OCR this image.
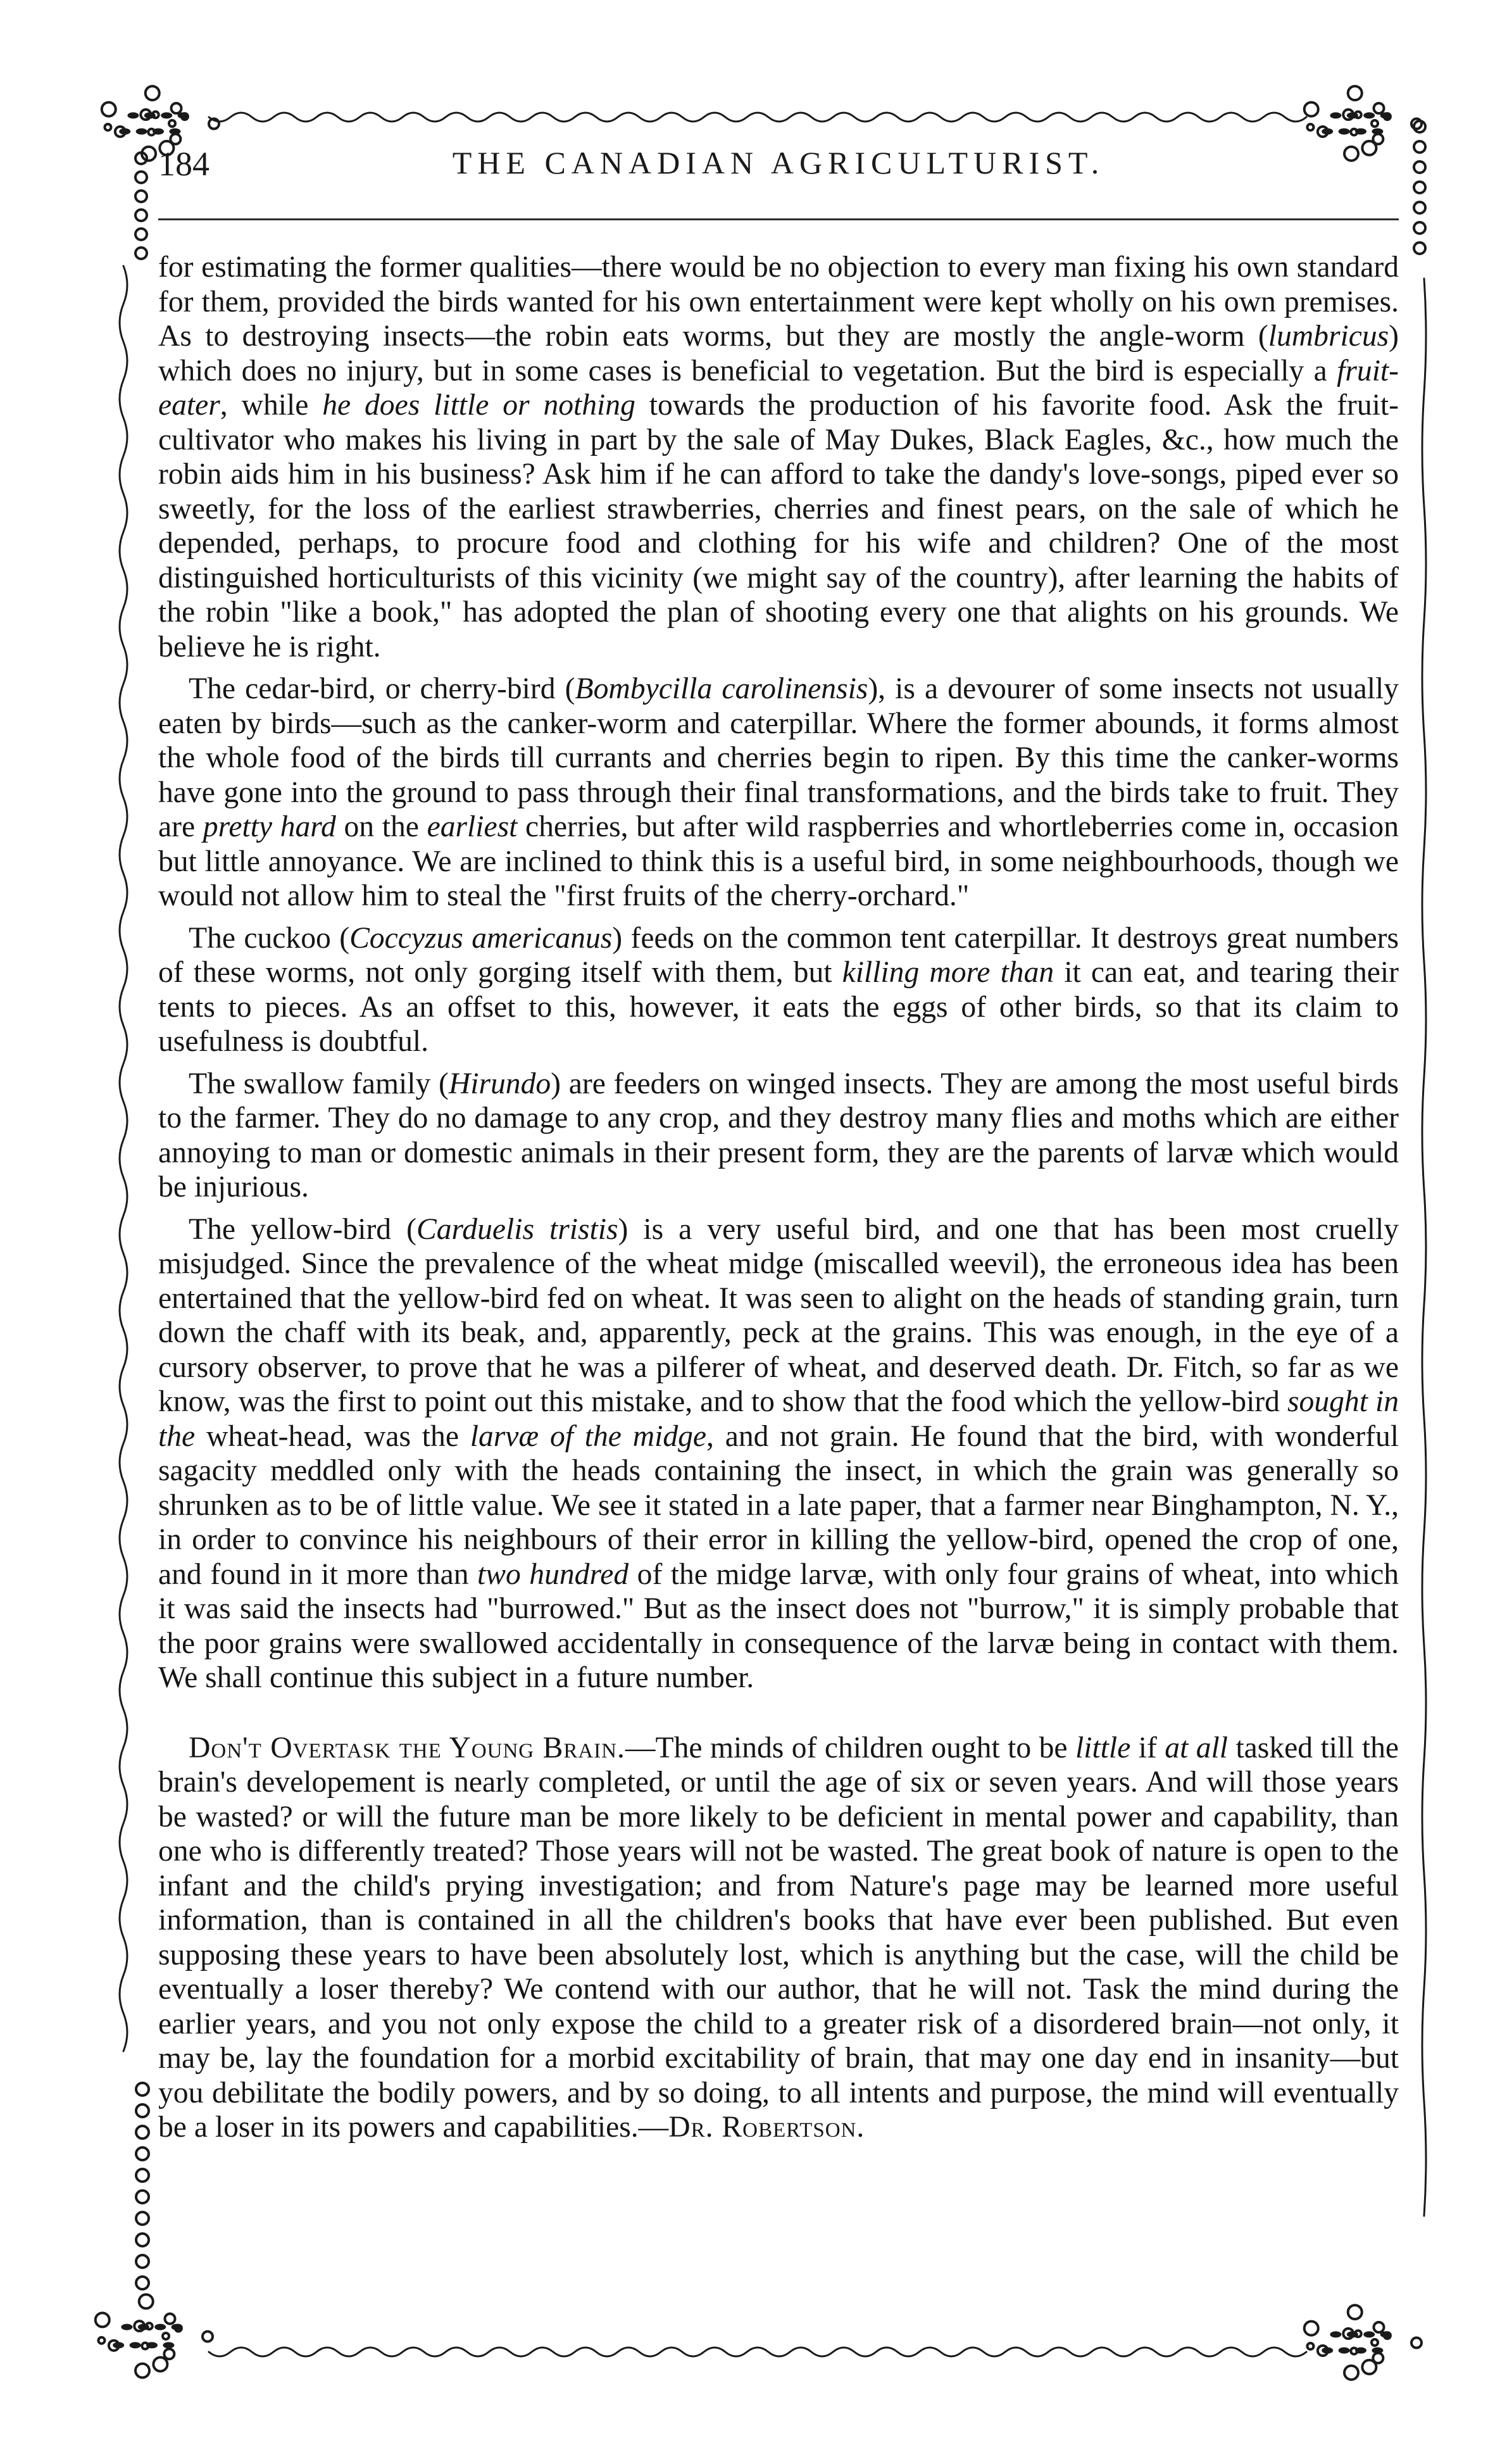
184	THE CANADIAN AGRICULTURIST.

for estimating the former qualities—there would be no objection to every man fixing his own standard for them, provided the birds wanted for his own entertainment were kept wholly on his own premises. As to destroying insects—the robin eats worms, but they are mostly the angle-worm (lumbricus) which does no injury, but in some cases is beneficial to vegetation. But the bird is especially a fruit-eater, while he does little or nothing towards the production of his favorite food. Ask the fruit-cultivator who makes his living in part by the sale of May Dukes, Black Eagles, &c., how much the robin aids him in his business? Ask him if he can afford to take the dandy's love-songs, piped ever so sweetly, for the loss of the earliest strawberries, cherries and finest pears, on the sale of which he depended, perhaps, to procure food and clothing for his wife and children? One of the most distinguished horticulturists of this vicinity (we might say of the country), after learning the habits of the robin "like a book," has adopted the plan of shooting every one that alights on his grounds. We believe he is right.

The cedar-bird, or cherry-bird (Bombycilla carolinensis), is a devourer of some insects not usually eaten by birds—such as the canker-worm and caterpillar. Where the former abounds, it forms almost the whole food of the birds till currants and cherries begin to ripen. By this time the canker-worms have gone into the ground to pass through their final transformations, and the birds take to fruit. They are pretty hard on the earliest cherries, but after wild raspberries and whortleberries come in, occasion but little annoyance. We are inclined to think this is a useful bird, in some neighbourhoods, though we would not allow him to steal the "first fruits of the cherry-orchard."

The cuckoo (Coccyzus americanus) feeds on the common tent caterpillar. It destroys great numbers of these worms, not only gorging itself with them, but killing more than it can eat, and tearing their tents to pieces. As an offset to this, however, it eats the eggs of other birds, so that its claim to usefulness is doubtful.

The swallow family (Hirundo) are feeders on winged insects. They are among the most useful birds to the farmer. They do no damage to any crop, and they destroy many flies and moths which are either annoying to man or domestic animals in their present form, they are the parents of larvæ which would be injurious.

The yellow-bird (Carduelis tristis) is a very useful bird, and one that has been most cruelly misjudged. Since the prevalence of the wheat midge (miscalled weevil), the erroneous idea has been entertained that the yellow-bird fed on wheat. It was seen to alight on the heads of standing grain, turn down the chaff with its beak, and, apparently, peck at the grains. This was enough, in the eye of a cursory observer, to prove that he was a pilferer of wheat, and deserved death. Dr. Fitch, so far as we know, was the first to point out this mistake, and to show that the food which the yellow-bird sought in the wheat-head, was the larvæ of the midge, and not grain. He found that the bird, with wonderful sagacity meddled only with the heads containing the insect, in which the grain was generally so shrunken as to be of little value. We see it stated in a late paper, that a farmer near Binghampton, N. Y., in order to convince his neighbours of their error in killing the yellow-bird, opened the crop of one, and found in it more than two hundred of the midge larvæ, with only four grains of wheat, into which it was said the insects had "burrowed." But as the insect does not "burrow," it is simply probable that the poor grains were swallowed accidentally in consequence of the larvæ being in contact with them. We shall continue this subject in a future number.

Don't Overtask the Young Brain.—The minds of children ought to be little if at all tasked till the brain's developement is nearly completed, or until the age of six or seven years. And will those years be wasted? or will the future man be more likely to be deficient in mental power and capability, than one who is differently treated? Those years will not be wasted. The great book of nature is open to the infant and the child's prying investigation; and from Nature's page may be learned more useful information, than is contained in all the children's books that have ever been published. But even supposing these years to have been absolutely lost, which is anything but the case, will the child be eventually a loser thereby? We contend with our author, that he will not. Task the mind during the earlier years, and you not only expose the child to a greater risk of a disordered brain—not only, it may be, lay the foundation for a morbid excitability of brain, that may one day end in insanity—but you debilitate the bodily powers, and by so doing, to all intents and purpose, the mind will eventually be a loser in its powers and capabilities.—Dr. Robertson.
